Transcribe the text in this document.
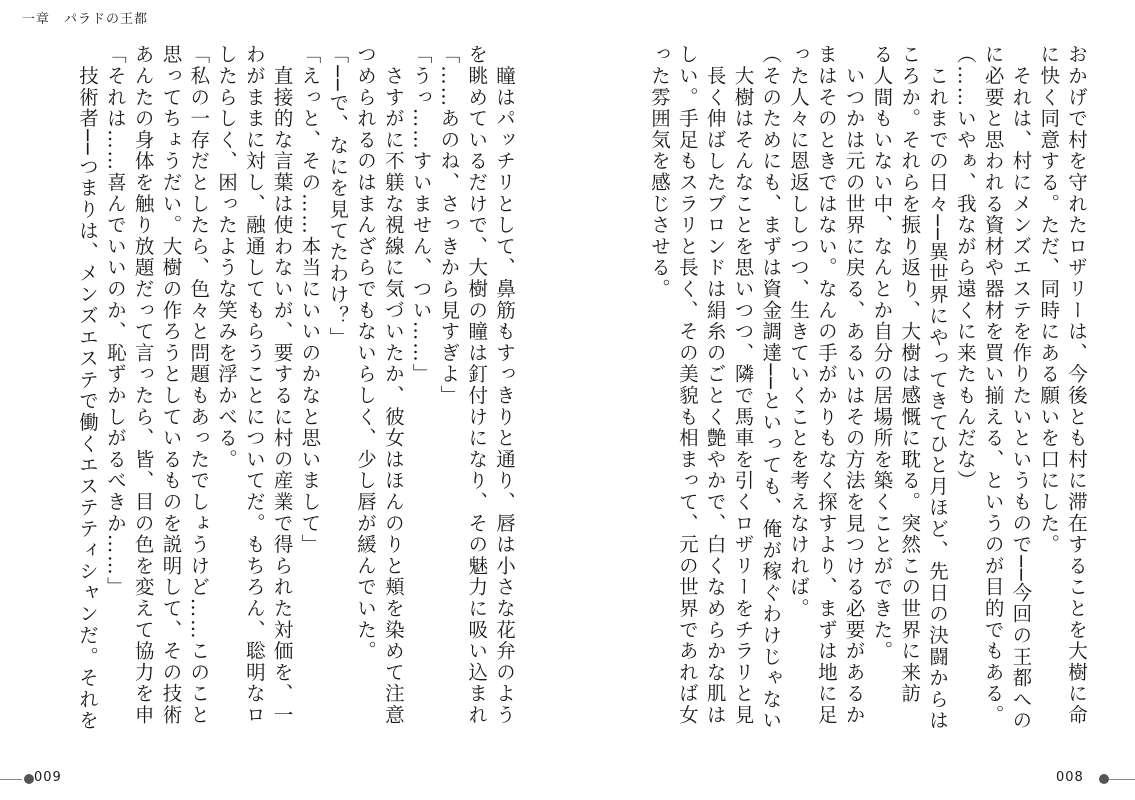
一章　パラドの王都
おかげで村を守れたロザリーは、今後とも村に滞在することを大樹に命
に快く同意する。ただ、同時にある願いを口にした。
　それは、村にメンズエステを作りたいというもので──今回の王都への
に必要と思われる資材や器材を買い揃える、というのが目的でもある。
（……いやぁ、我ながら遠くに来たもんだな）
　これまでの日々──異世界にやってきてひと月ほど、先日の決闘からは
ころか。それらを振り返り、大樹は感慨に耽る。突然この世界に来訪
る人間もいない中、なんとか自分の居場所を築くことができた。
　いつかは元の世界に戻る、あるいはその方法を見つける必要があるか
まはそのときではない。なんの手がかりもなく探すより、まずは地に足
った人々に恩返ししつつ、生きていくことを考えなければ。
（そのためにも、まずは資金調達──といっても、俺が稼ぐわけじゃない
　大樹はそんなことを思いつつ、隣で馬車を引くロザリーをチラリと見
　長く伸ばしたブロンドは絹糸のごとく艶やかで、白くなめらかな肌は
しい。手足もスラリと長く、その美貌も相まって、元の世界であれば女
った雰囲気を感じさせる。
　瞳はパッチリとして、鼻筋もすっきりと通り、唇は小さな花弁のよう
を眺めているだけで、大樹の瞳は釘付けになり、その魅力に吸い込まれ
「……あのね、さっきから見すぎよ」
「うっ……すいません、つい……」
　さすがに不躾な視線に気づいたか、彼女はほんのりと頬を染めて注意
つめられるのはまんざらでもないらしく、少し唇が緩んでいた。
「──で、なにを見てたわけ？」
「えっと、その……本当にいいのかなと思いまして」
　直接的な言葉は使わないが、要するに村の産業で得られた対価を、一
わがままに対し、融通してもらうことについてだ。もちろん、聡明なロ
したらしく、困ったような笑みを浮かべる。
「私の一存だとしたら、色々と問題もあったでしょうけど……このこと
思ってちょうだい。大樹の作ろうとしているものを説明して、その技術
あんたの身体を触り放題だって言ったら、皆、目の色を変えて協力を申
「それは……喜んでいいのか、恥ずかしがるべきか……」
　技術者──つまりは、メンズエステで働くエステティシャンだ。それを
009	008
